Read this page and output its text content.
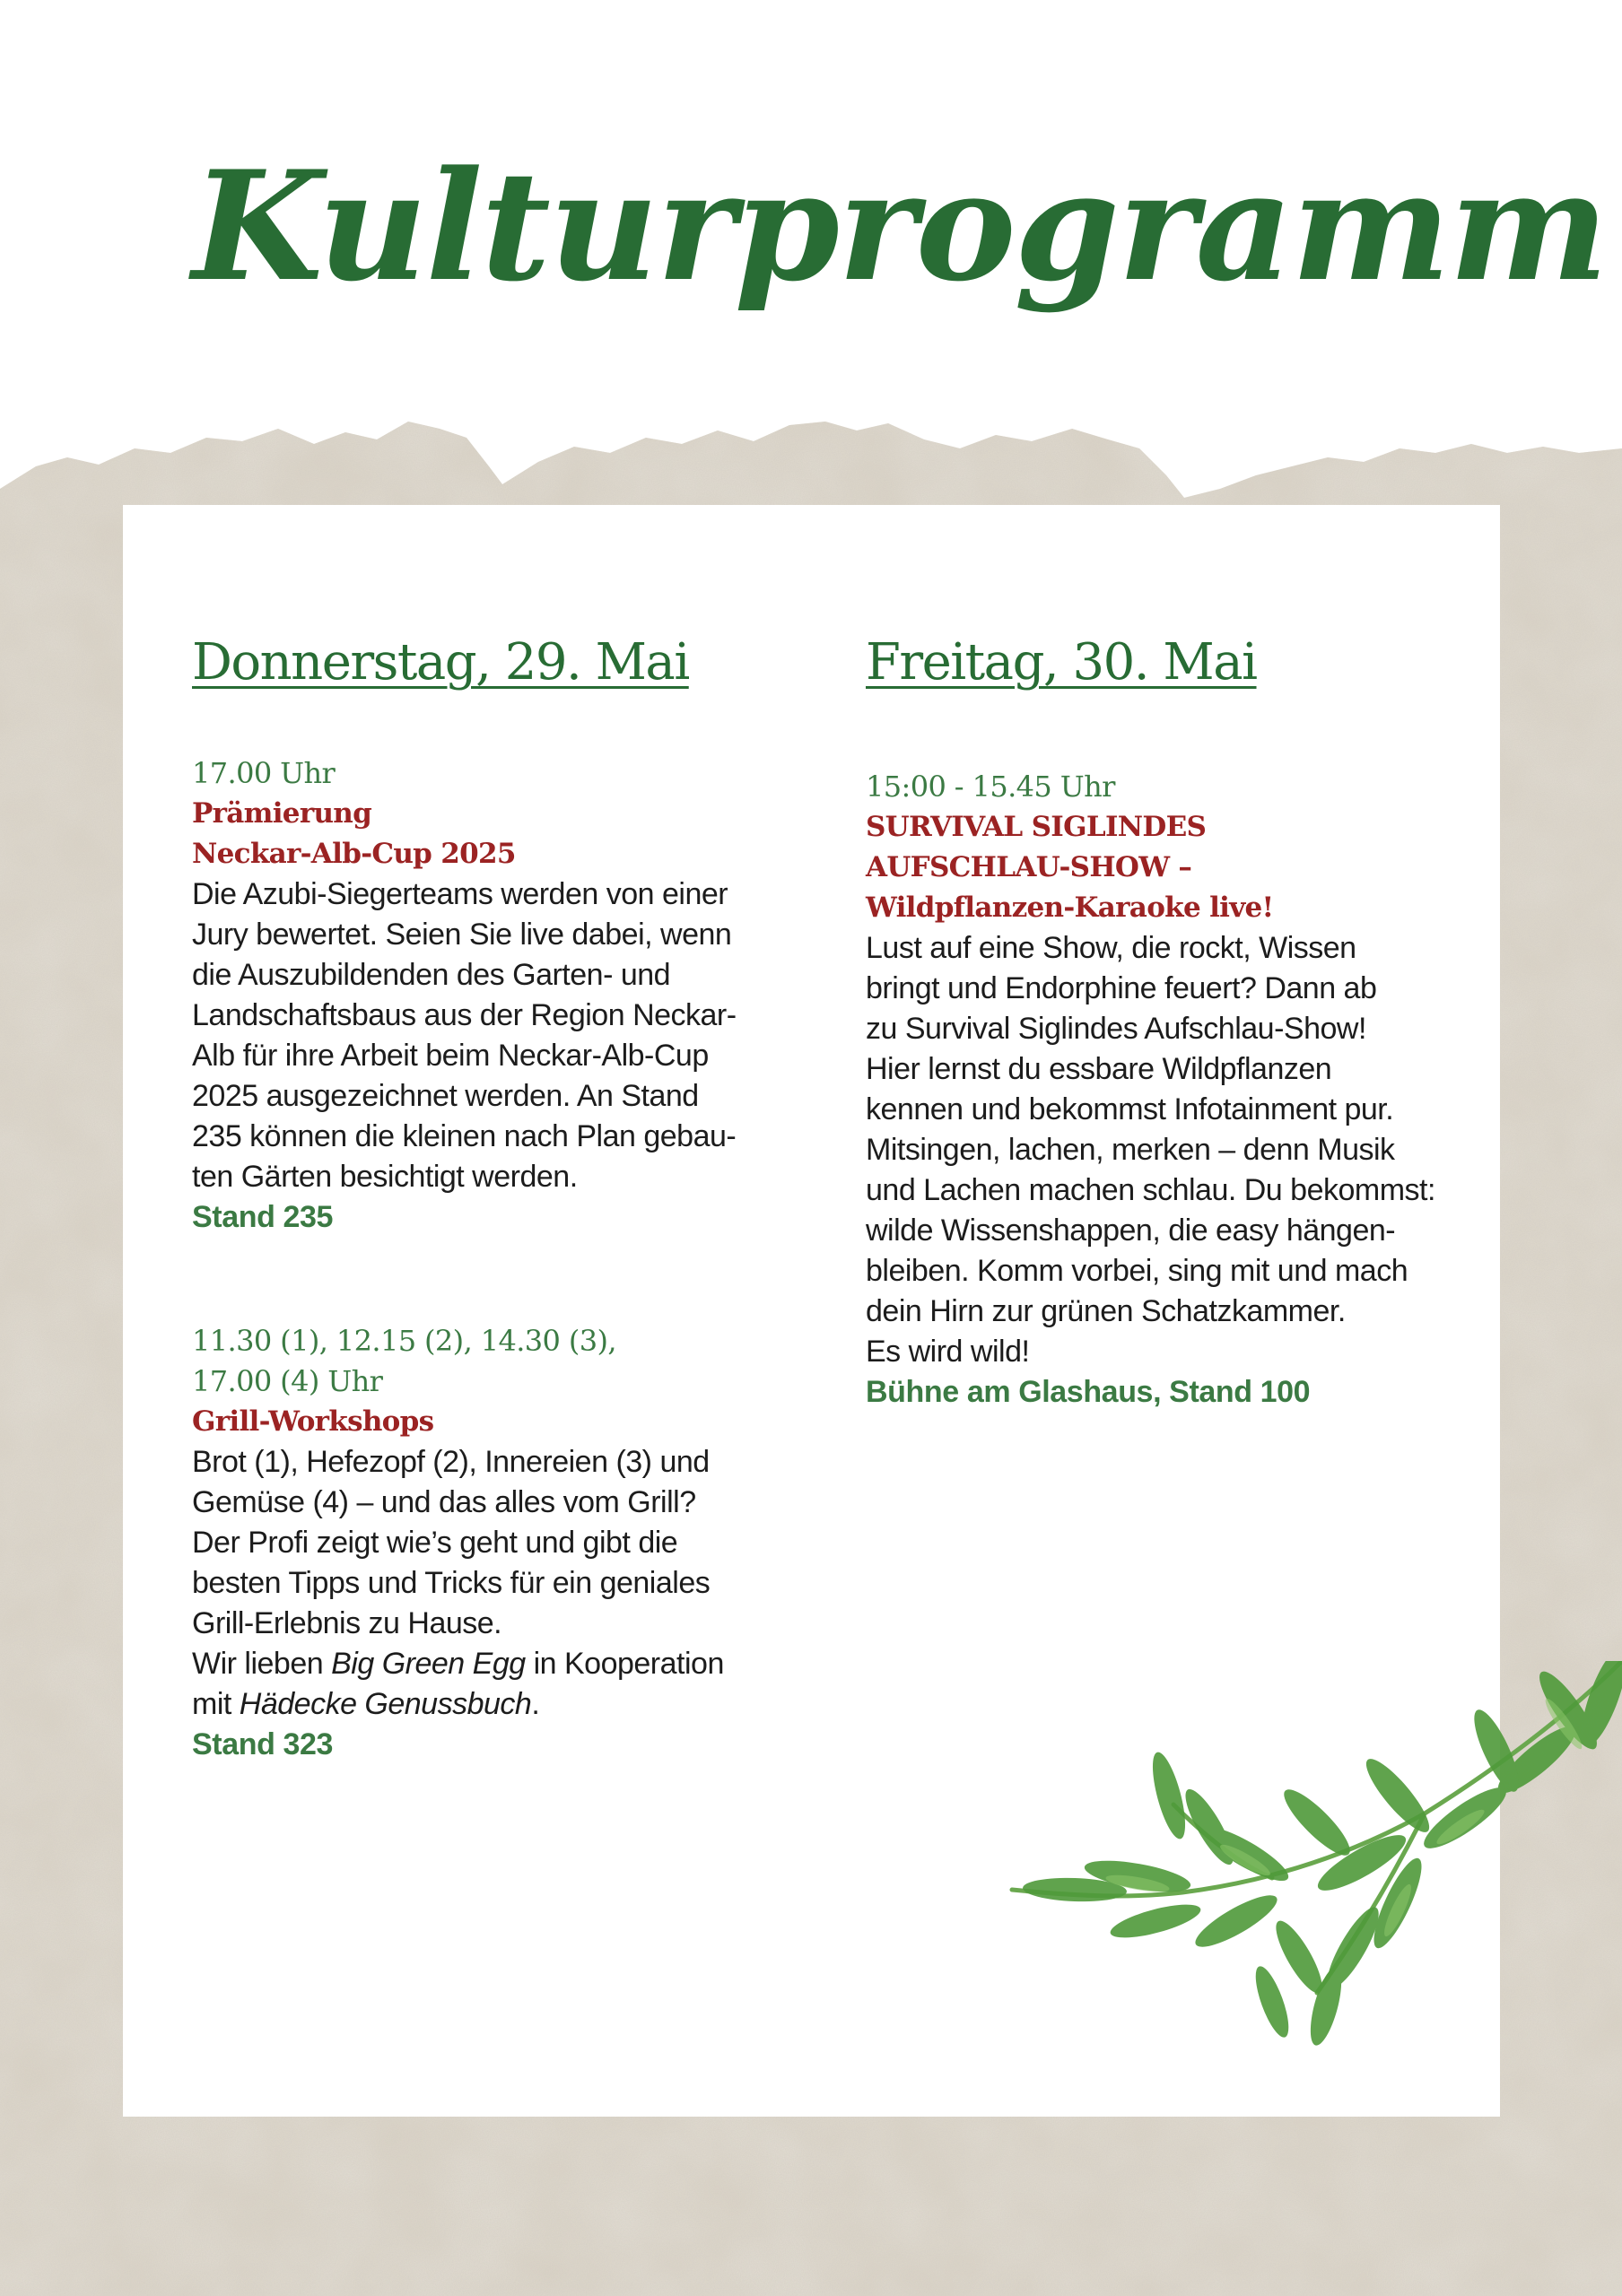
Kulturprogramm
Donnerstag, 29. Mai
17.00 Uhr
Prämierung
Neckar-Alb-Cup 2025
Die Azubi-Siegerteams werden von einer
Jury bewertet. Seien Sie live dabei, wenn
die Auszubildenden des Garten- und
Landschaftsbaus aus der Region Neckar-
Alb für ihre Arbeit beim Neckar-Alb-Cup
2025 ausgezeichnet werden. An Stand
235 können die kleinen nach Plan gebau-
ten Gärten besichtigt werden.
Stand 235
11.30 (1), 12.15 (2), 14.30 (3),
17.00 (4) Uhr
Grill-Workshops
Brot (1), Hefezopf (2), Innereien (3) und
Gemüse (4) – und das alles vom Grill?
Der Profi zeigt wie’s geht und gibt die
besten Tipps und Tricks für ein geniales
Grill-Erlebnis zu Hause.
Wir lieben Big Green Egg in Kooperation
mit Hädecke Genussbuch.
Stand 323
Freitag, 30. Mai
15:00 - 15.45 Uhr
SURVIVAL SIGLINDES
AUFSCHLAU-SHOW –
Wildpflanzen-Karaoke live!
Lust auf eine Show, die rockt, Wissen
bringt und Endorphine feuert? Dann ab
zu Survival Siglindes Aufschlau-Show!
Hier lernst du essbare Wildpflanzen
kennen und bekommst Infotainment pur.
Mitsingen, lachen, merken – denn Musik
und Lachen machen schlau. Du bekommst:
wilde Wissenshappen, die easy hängen-
bleiben. Komm vorbei, sing mit und mach
dein Hirn zur grünen Schatzkammer.
Es wird wild!
Bühne am Glashaus, Stand 100
